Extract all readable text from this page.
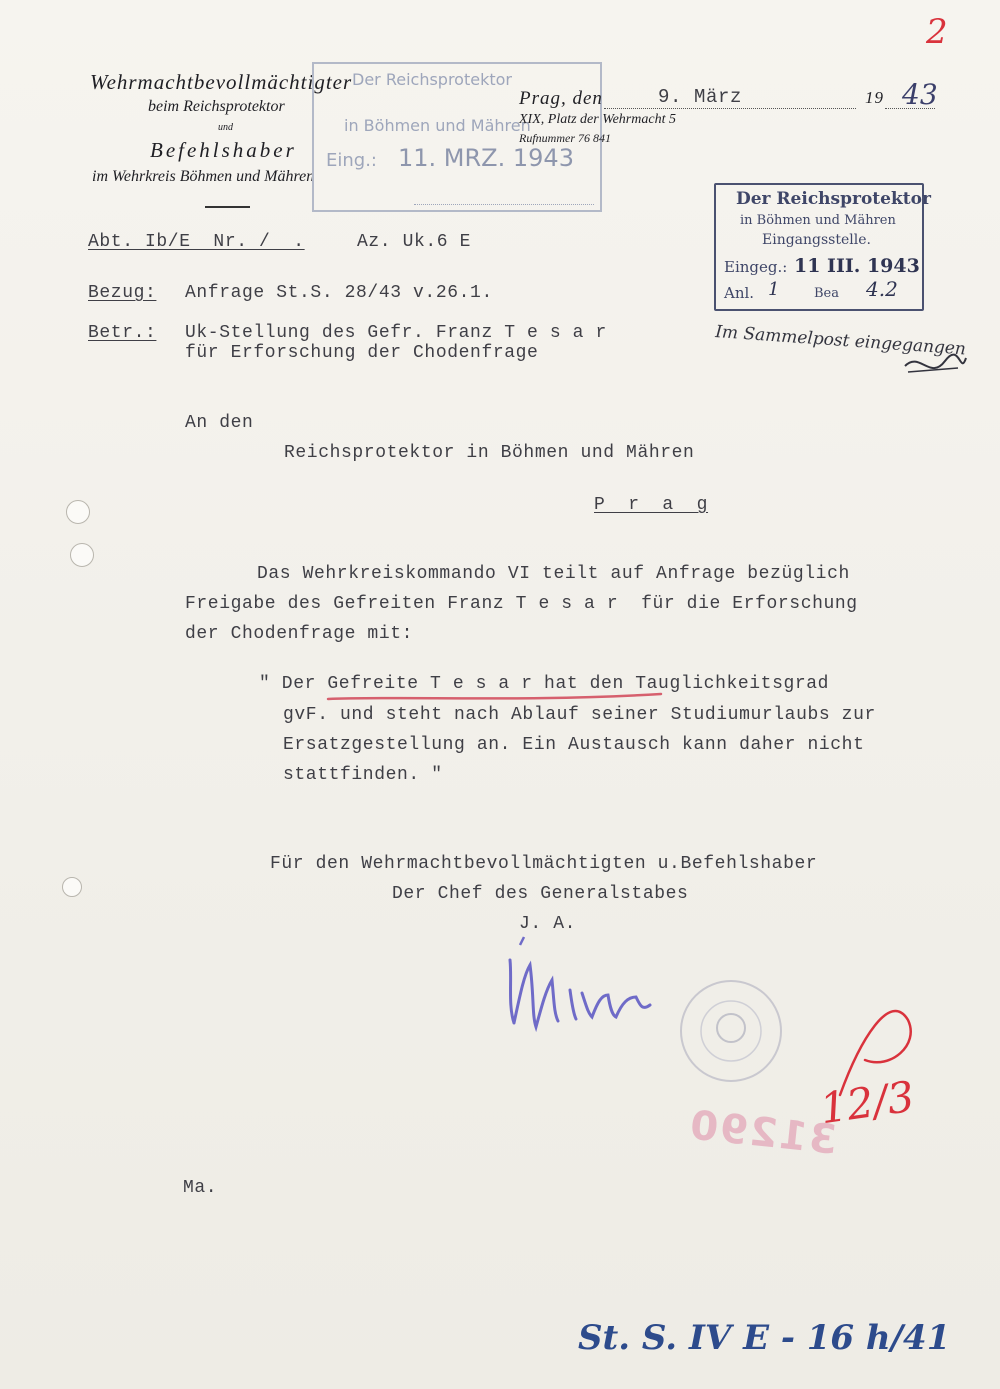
2
Wehrmachtbevollmächtigter
beim Reichsprotektor
und
Befehlshaber
im Wehrkreis Böhmen und Mähren
Der Reichsprotektor
in Böhmen und Mähren
Eing.: 11. MRZ. 1943
Prag, den	9. März	19 43
XIX, Platz der Wehrmacht 5
Rufnummer 76 841
Der Reichsprotektor
in Böhmen und Mähren
Eingangsstelle.
Eingeg.: 11 III. 1943
Anl. 1	Bea 4.2
Im Sammelpost eingegangen
Abt. Ib/E  Nr. /  .	Az. Uk.6 E
Bezug: Anfrage St.S. 28/43 v.26.1.
Betr.: Uk-Stellung des Gefr. Franz T e s a r
für Erforschung der Chodenfrage
An den
Reichsprotektor in Böhmen und Mähren
P  r  a  g
Das Wehrkreiskommando VI teilt auf Anfrage bezüglich
Freigabe des Gefreiten Franz T e s a r  für die Erforschung
der Chodenfrage mit:
" Der Gefreite T e s a r hat den Tauglichkeitsgrad
gvF. und steht nach Ablauf seiner Studiumurlaubs zur
Ersatzgestellung an. Ein Austausch kann daher nicht
stattfinden. "
Für den Wehrmachtbevollmächtigten u.Befehlshaber
Der Chef des Generalstabes
J. A.
12/3
31290
Ma.
St. S. IV E - 16 h/41
